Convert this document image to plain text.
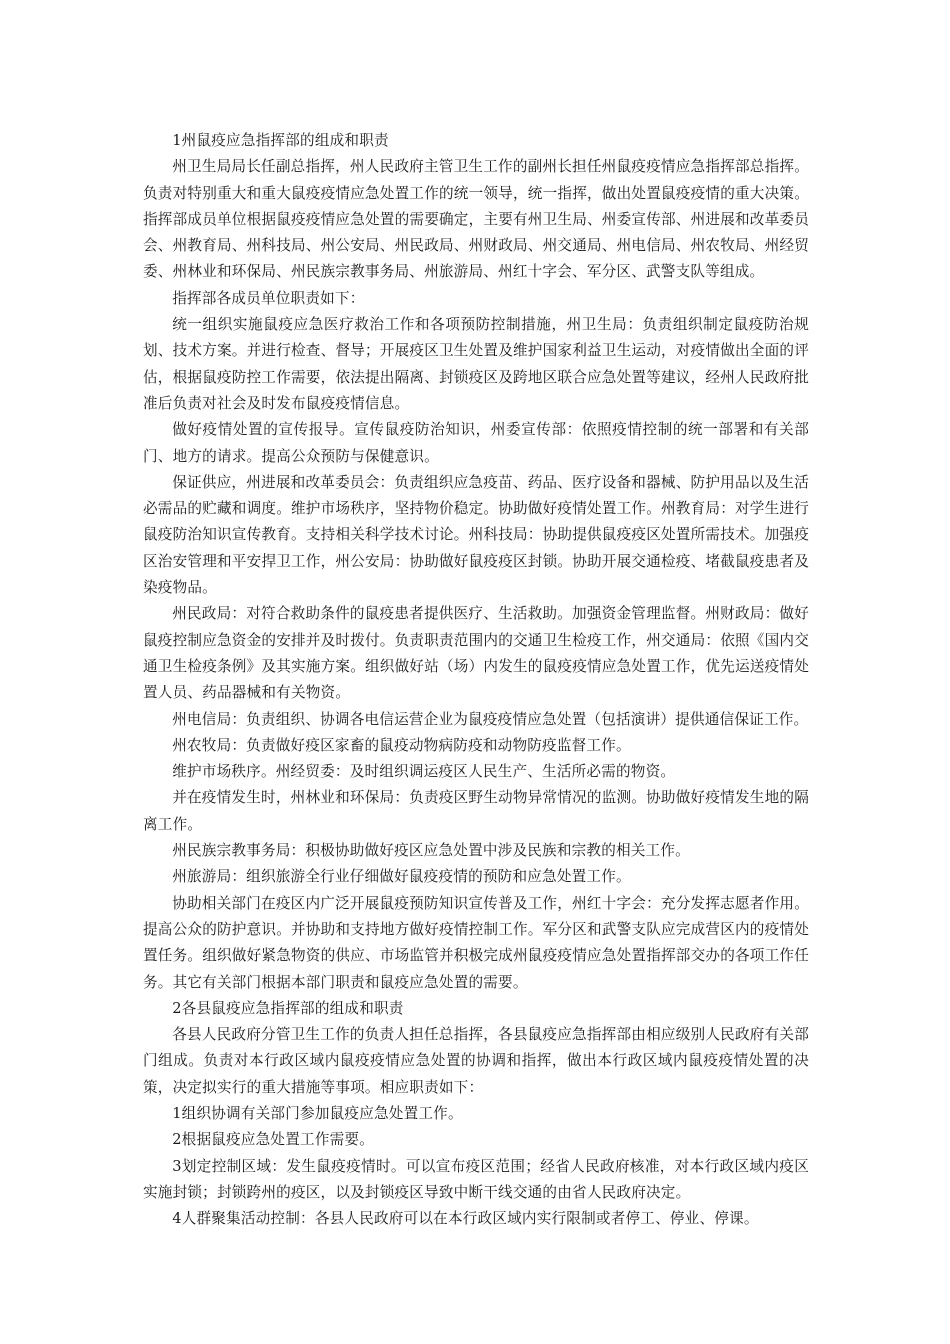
1州鼠疫应急指挥部的组成和职责

州卫生局局长任副总指挥，州人民政府主管卫生工作的副州长担任州鼠疫疫情应急指挥部总指挥。负责对特别重大和重大鼠疫疫情应急处置工作的统一领导，统一指挥，做出处置鼠疫疫情的重大决策。指挥部成员单位根据鼠疫疫情应急处置的需要确定，主要有州卫生局、州委宣传部、州进展和改革委员会、州教育局、州科技局、州公安局、州民政局、州财政局、州交通局、州电信局、州农牧局、州经贸委、州林业和环保局、州民族宗教事务局、州旅游局、州红十字会、军分区、武警支队等组成。

指挥部各成员单位职责如下：

统一组织实施鼠疫应急医疗救治工作和各项预防控制措施，州卫生局：负责组织制定鼠疫防治规划、技术方案。并进行检查、督导；开展疫区卫生处置及维护国家利益卫生运动，对疫情做出全面的评估，根据鼠疫防控工作需要，依法提出隔离、封锁疫区及跨地区联合应急处置等建议，经州人民政府批准后负责对社会及时发布鼠疫疫情信息。

做好疫情处置的宣传报导。宣传鼠疫防治知识，州委宣传部：依照疫情控制的统一部署和有关部门、地方的请求。提高公众预防与保健意识。

保证供应，州进展和改革委员会：负责组织应急疫苗、药品、医疗设备和器械、防护用品以及生活必需品的贮藏和调度。维护市场秩序，坚持物价稳定。协助做好疫情处置工作。州教育局：对学生进行鼠疫防治知识宣传教育。支持相关科学技术讨论。州科技局：协助提供鼠疫疫区处置所需技术。加强疫区治安管理和平安捍卫工作，州公安局：协助做好鼠疫疫区封锁。协助开展交通检疫、堵截鼠疫患者及染疫物品。

州民政局：对符合救助条件的鼠疫患者提供医疗、生活救助。加强资金管理监督。州财政局：做好鼠疫控制应急资金的安排并及时拨付。负责职责范围内的交通卫生检疫工作，州交通局：依照《国内交通卫生检疫条例》及其实施方案。组织做好站（场）内发生的鼠疫疫情应急处置工作，优先运送疫情处置人员、药品器械和有关物资。

州电信局：负责组织、协调各电信运营企业为鼠疫疫情应急处置（包括演讲）提供通信保证工作。

州农牧局：负责做好疫区家畜的鼠疫动物病防疫和动物防疫监督工作。

维护市场秩序。州经贸委：及时组织调运疫区人民生产、生活所必需的物资。

并在疫情发生时，州林业和环保局：负责疫区野生动物异常情况的监测。协助做好疫情发生地的隔离工作。

州民族宗教事务局：积极协助做好疫区应急处置中涉及民族和宗教的相关工作。

州旅游局：组织旅游全行业仔细做好鼠疫疫情的预防和应急处置工作。

协助相关部门在疫区内广泛开展鼠疫预防知识宣传普及工作，州红十字会：充分发挥志愿者作用。提高公众的防护意识。并协助和支持地方做好疫情控制工作。军分区和武警支队应完成营区内的疫情处置任务。组织做好紧急物资的供应、市场监管并积极完成州鼠疫疫情应急处置指挥部交办的各项工作任务。其它有关部门根据本部门职责和鼠疫应急处置的需要。

2各县鼠疫应急指挥部的组成和职责

各县人民政府分管卫生工作的负责人担任总指挥，各县鼠疫应急指挥部由相应级别人民政府有关部门组成。负责对本行政区域内鼠疫疫情应急处置的协调和指挥，做出本行政区域内鼠疫疫情处置的决策，决定拟实行的重大措施等事项。相应职责如下：

1组织协调有关部门参加鼠疫应急处置工作。

2根据鼠疫应急处置工作需要。

3划定控制区域：发生鼠疫疫情时。可以宣布疫区范围；经省人民政府核准，对本行政区域内疫区实施封锁；封锁跨州的疫区，以及封锁疫区导致中断干线交通的由省人民政府决定。

4人群聚集活动控制：各县人民政府可以在本行政区域内实行限制或者停工、停业、停课。
